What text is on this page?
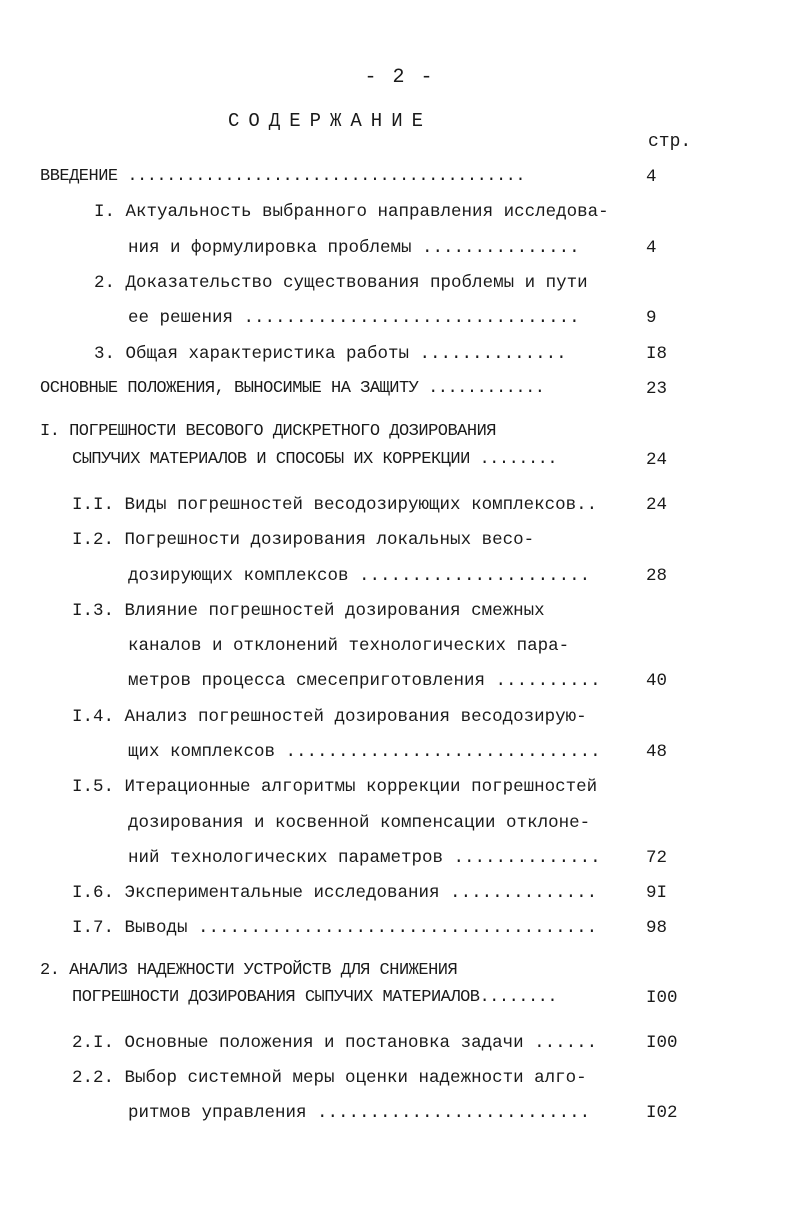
- 2 -
СОДЕРЖАНИЕ
стр.
ВВЕДЕНИЕ .........................................	4
I. Актуальность выбранного направления исследова-
ния и формулировка проблемы ...............	4
2. Доказательство существования проблемы и пути
ее решения ................................	9
3. Общая характеристика работы ..............	I8
ОСНОВНЫЕ ПОЛОЖЕНИЯ, ВЫНОСИМЫЕ НА ЗАЩИТУ ............	23
I. ПОГРЕШНОСТИ ВЕСОВОГО ДИСКРЕТНОГО ДОЗИРОВАНИЯ
СЫПУЧИХ МАТЕРИАЛОВ И СПОСОБЫ ИХ КОРРЕКЦИИ ........	24
I.I. Виды погрешностей весодозирующих комплексов..	24
I.2. Погрешности дозирования локальных весо-
дозирующих комплексов ......................	28
I.3. Влияние погрешностей дозирования смежных
каналов и отклонений технологических пара-
метров процесса смесеприготовления ..........	40
I.4. Анализ погрешностей дозирования весодозирую-
щих комплексов ..............................	48
I.5. Итерационные алгоритмы коррекции погрешностей
дозирования и косвенной компенсации отклоне-
ний технологических параметров ..............	72
I.6. Экспериментальные исследования ..............	9I
I.7. Выводы ......................................	98
2. АНАЛИЗ НАДЕЖНОСТИ УСТРОЙСТВ ДЛЯ СНИЖЕНИЯ
ПОГРЕШНОСТИ ДОЗИРОВАНИЯ СЫПУЧИХ МАТЕРИАЛОВ........	I00
2.I. Основные положения и постановка задачи ......	I00
2.2. Выбор системной меры оценки надежности алго-
ритмов управления ..........................	I02
